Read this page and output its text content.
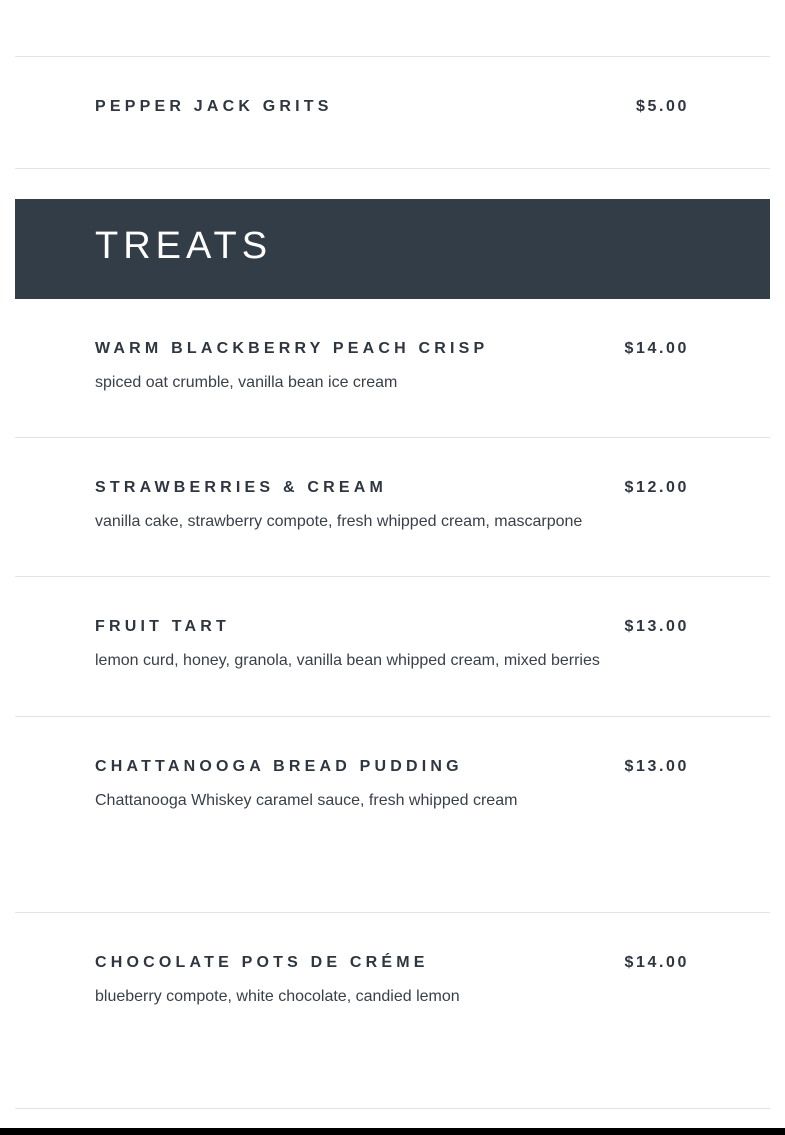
PEPPER JACK GRITS	$5.00
TREATS
WARM BLACKBERRY PEACH CRISP	$14.00
spiced oat crumble, vanilla bean ice cream
STRAWBERRIES & CREAM	$12.00
vanilla cake, strawberry compote, fresh whipped cream, mascarpone
FRUIT TART	$13.00
lemon curd, honey, granola, vanilla bean whipped cream, mixed berries
CHATTANOOGA BREAD PUDDING	$13.00
Chattanooga Whiskey caramel sauce, fresh whipped cream
CHOCOLATE POTS DE CRÉME	$14.00
blueberry compote, white chocolate, candied lemon
